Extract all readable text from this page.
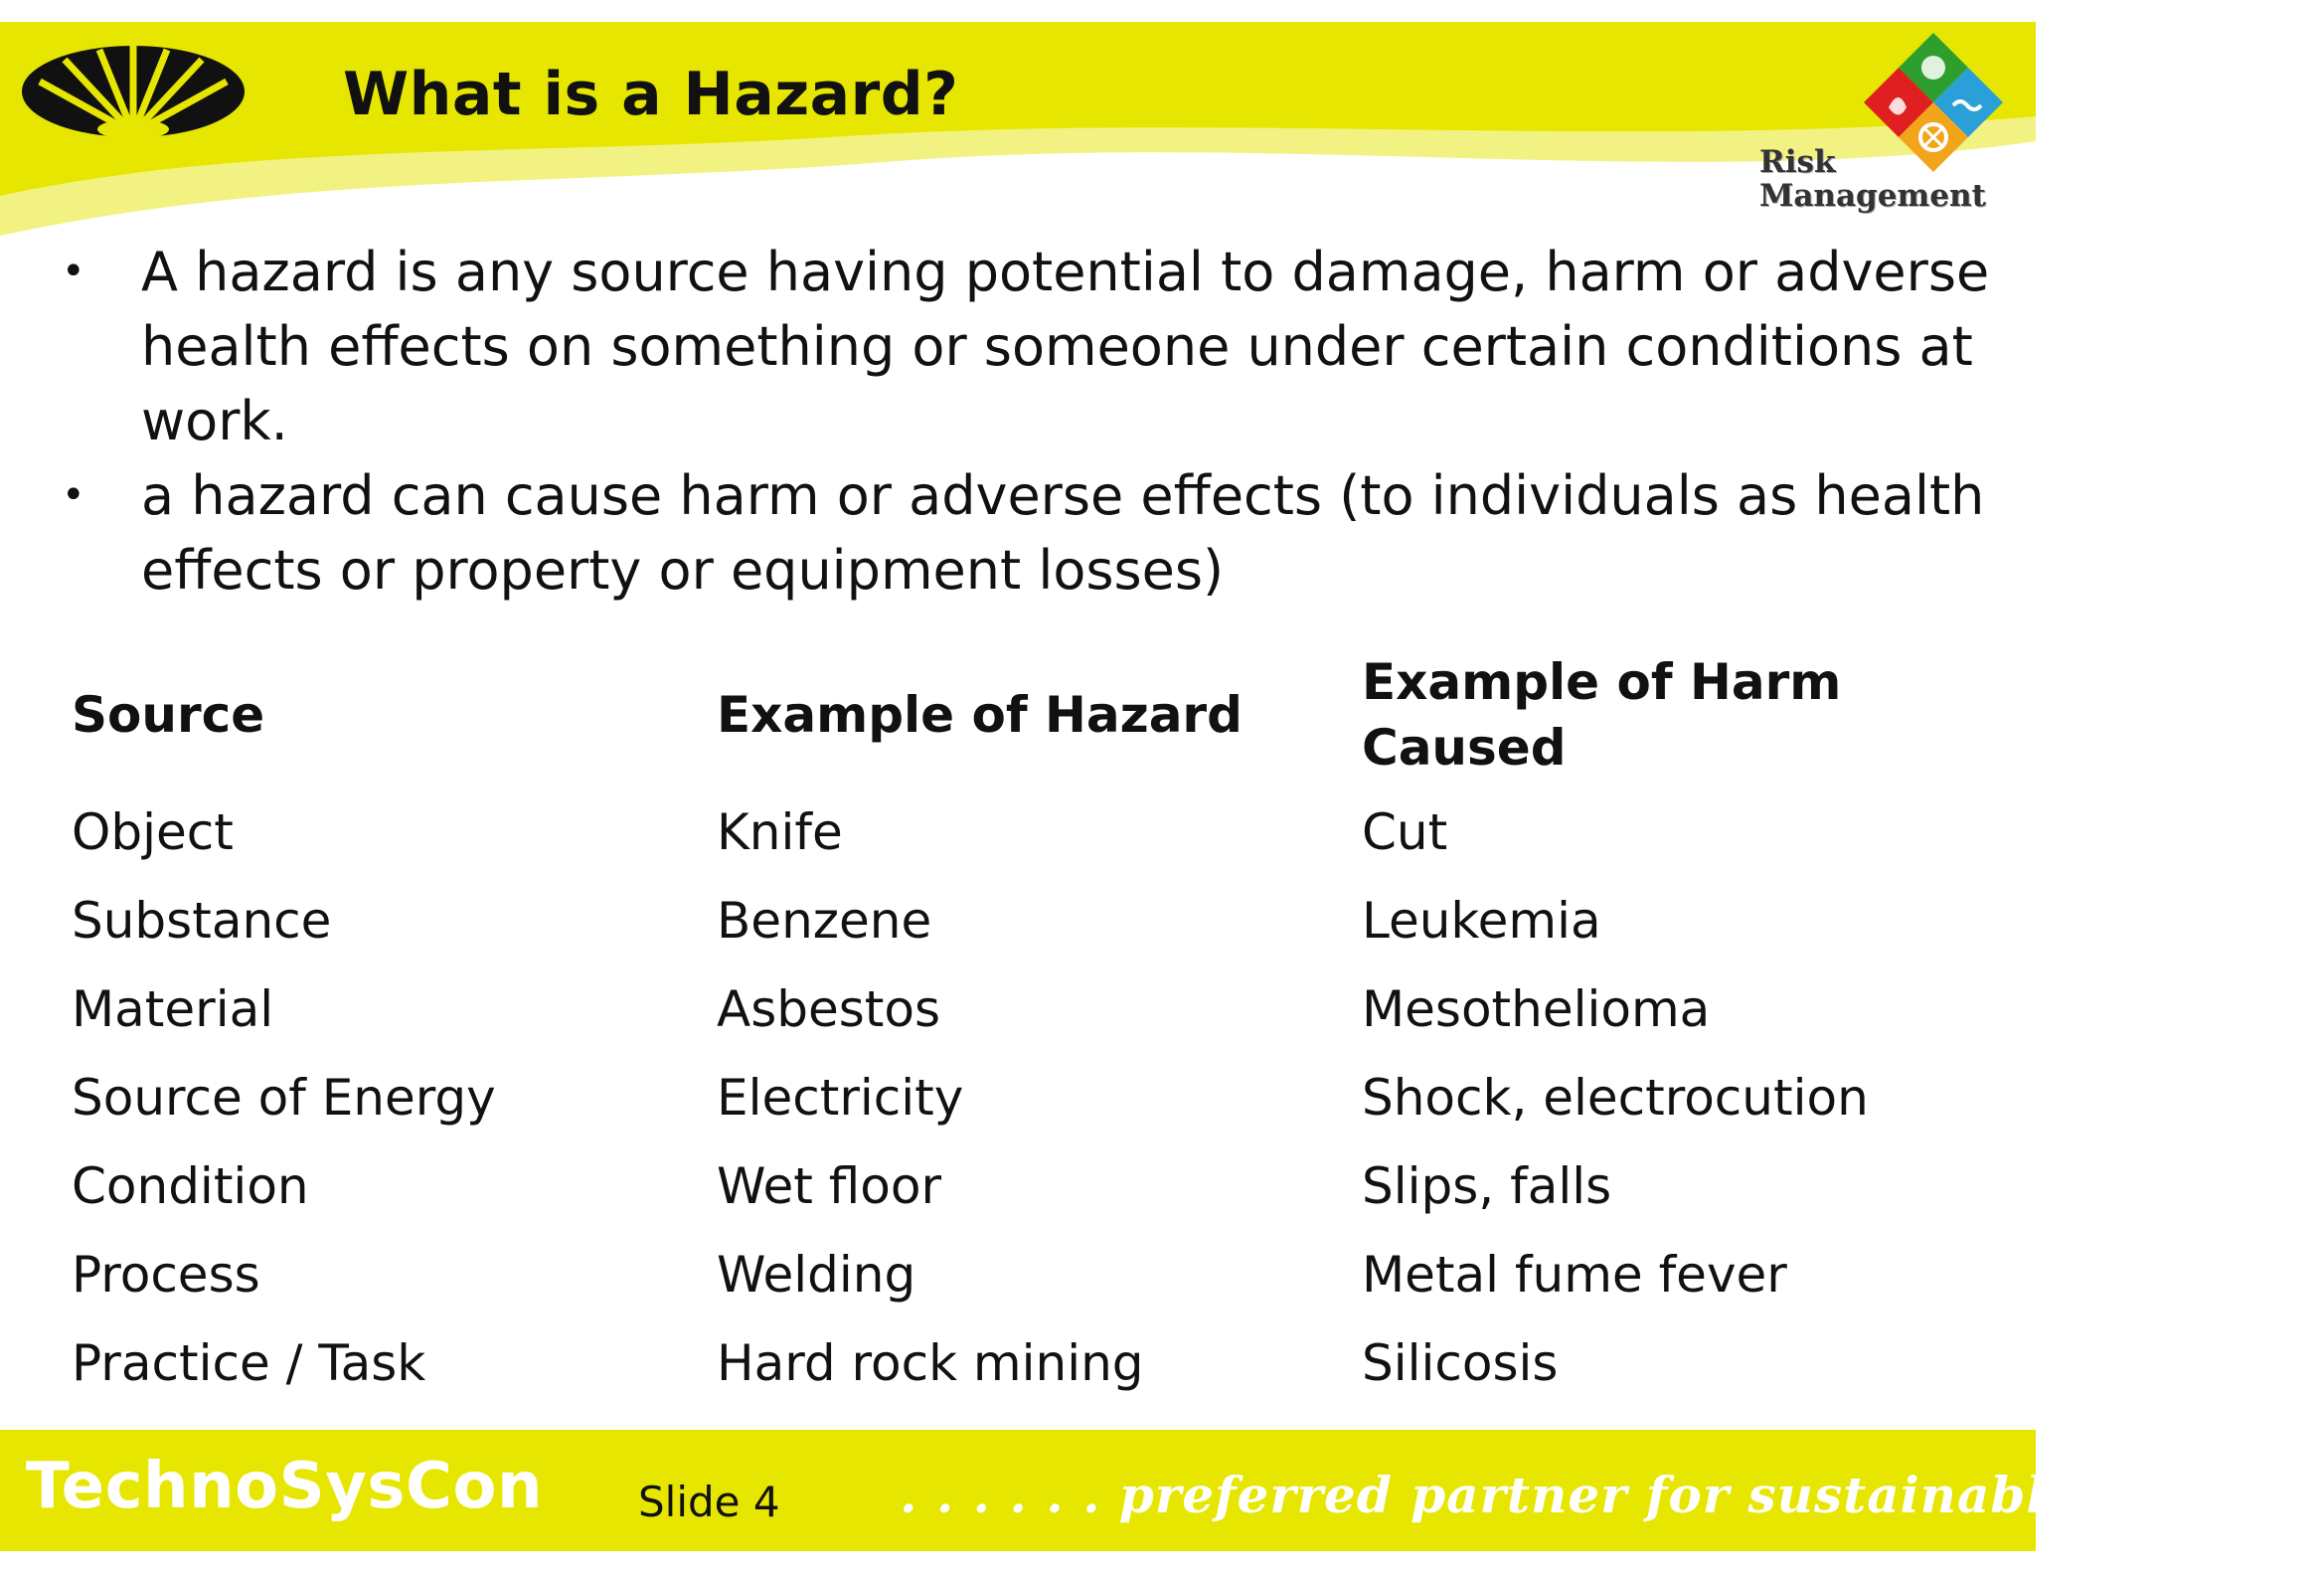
What is a Hazard?
Risk
Management
• A hazard is any source having potential to damage, harm or adverse health effects on something or someone under certain conditions at work.
• a hazard can cause harm or adverse effects (to individuals as health effects or property or equipment losses)
Source	Example of Hazard	Example of Harm Caused
Object	Knife	Cut
Substance	Benzene	Leukemia
Material	Asbestos	Mesothelioma
Source of Energy	Electricity	Shock, electrocution
Condition	Wet floor	Slips, falls
Process	Welding	Metal fume fever
Practice / Task	Hard rock mining	Silicosis
TechnoSysCon Slide 4 . . . . . . preferred partner for sustainable systems
